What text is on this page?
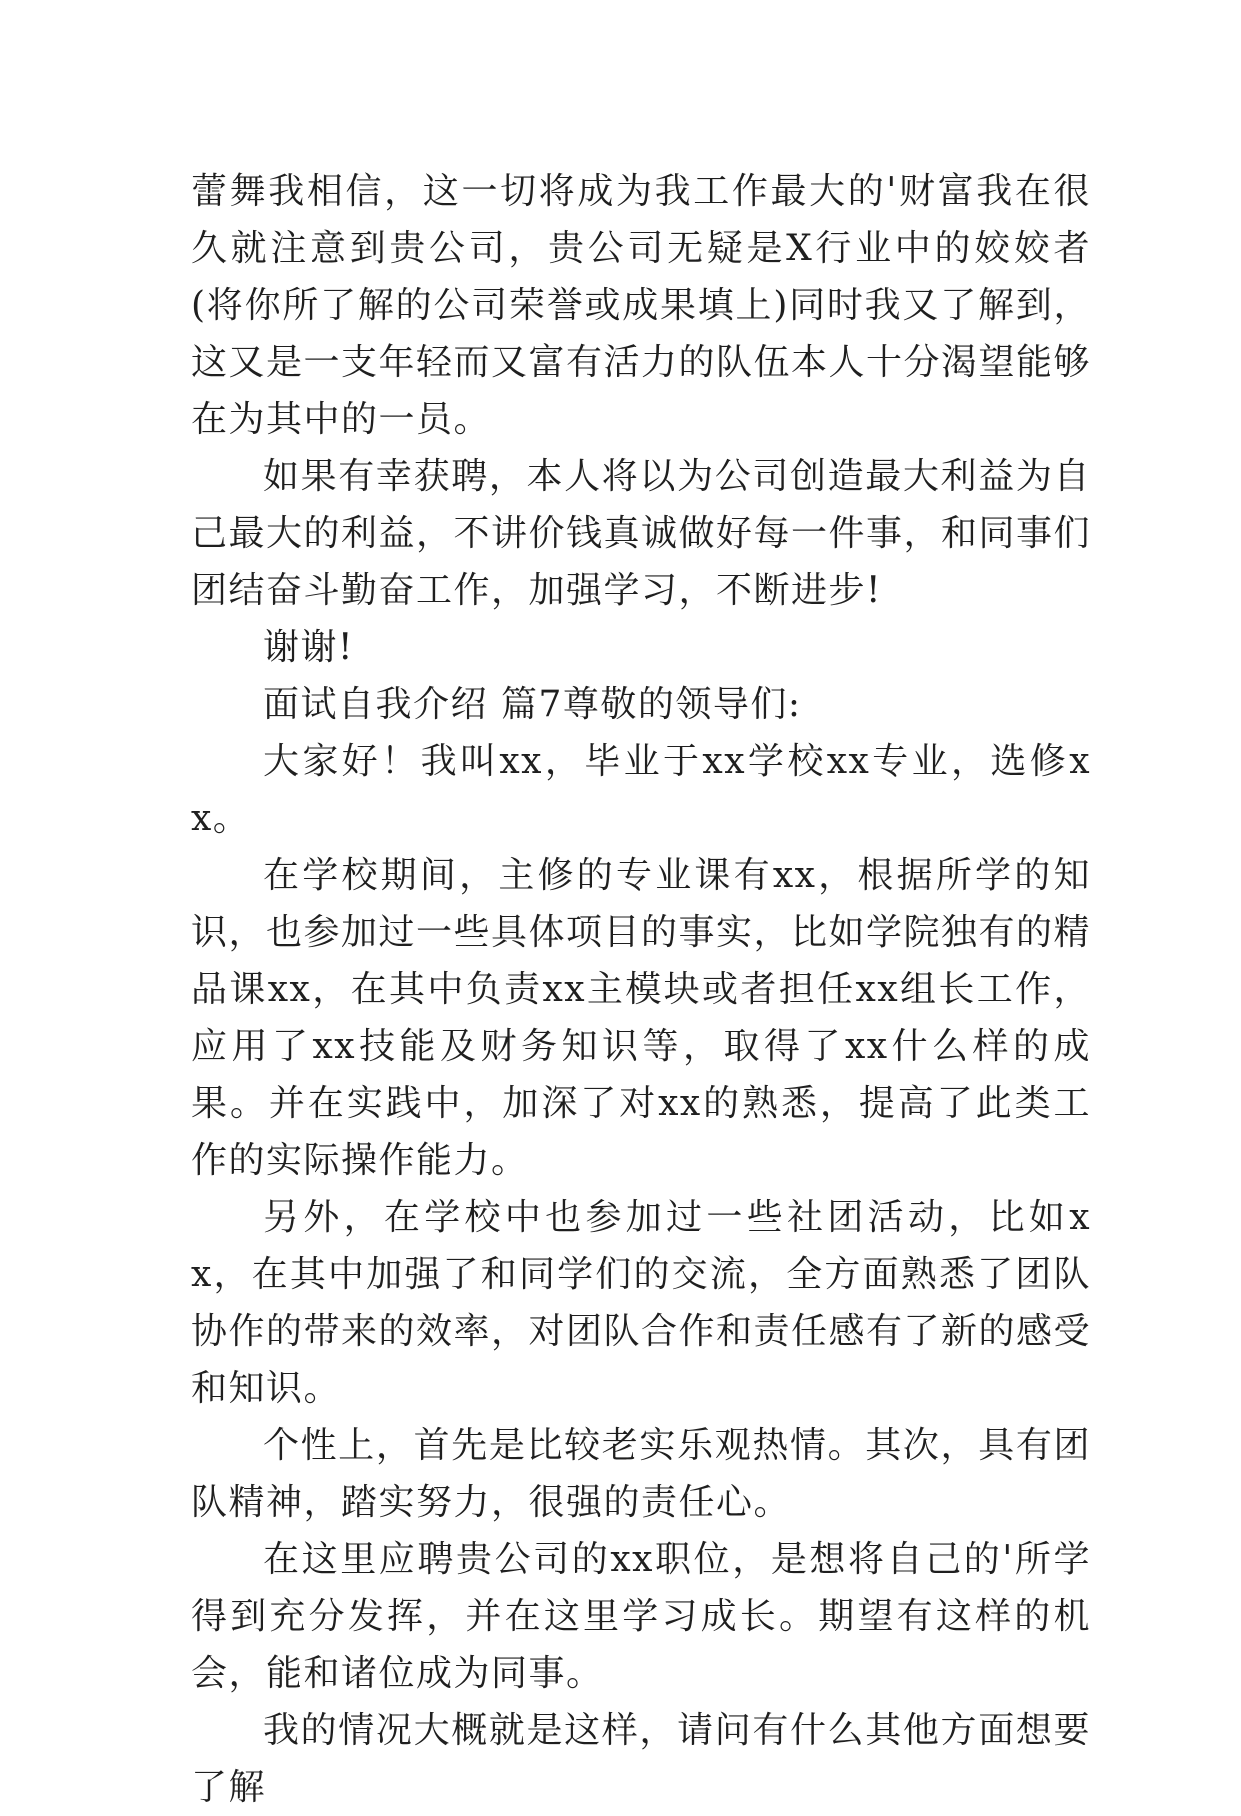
蕾舞我相信，这一切将成为我工作最大的'财富我在很久就注意到贵公司，贵公司无疑是X行业中的姣姣者(将你所了解的公司荣誉或成果填上)同时我又了解到，这又是一支年轻而又富有活力的队伍本人十分渴望能够在为其中的一员。

如果有幸获聘，本人将以为公司创造最大利益为自己最大的利益，不讲价钱真诚做好每一件事，和同事们团结奋斗勤奋工作，加强学习，不断进步!

谢谢!

面试自我介绍 篇7尊敬的领导们:

大家好！我叫xx，毕业于xx学校xx专业，选修xx。

在学校期间，主修的专业课有xx，根据所学的知识，也参加过一些具体项目的事实，比如学院独有的精品课xx，在其中负责xx主模块或者担任xx组长工作，应用了xx技能及财务知识等，取得了xx什么样的成果。并在实践中，加深了对xx的熟悉，提高了此类工作的实际操作能力。

另外，在学校中也参加过一些社团活动，比如xx，在其中加强了和同学们的交流，全方面熟悉了团队协作的带来的效率，对团队合作和责任感有了新的感受和知识。

个性上，首先是比较老实乐观热情。其次，具有团队精神，踏实努力，很强的责任心。

在这里应聘贵公司的xx职位，是想将自己的'所学得到充分发挥，并在这里学习成长。期望有这样的机会，能和诸位成为同事。

我的情况大概就是这样，请问有什么其他方面想要了解
